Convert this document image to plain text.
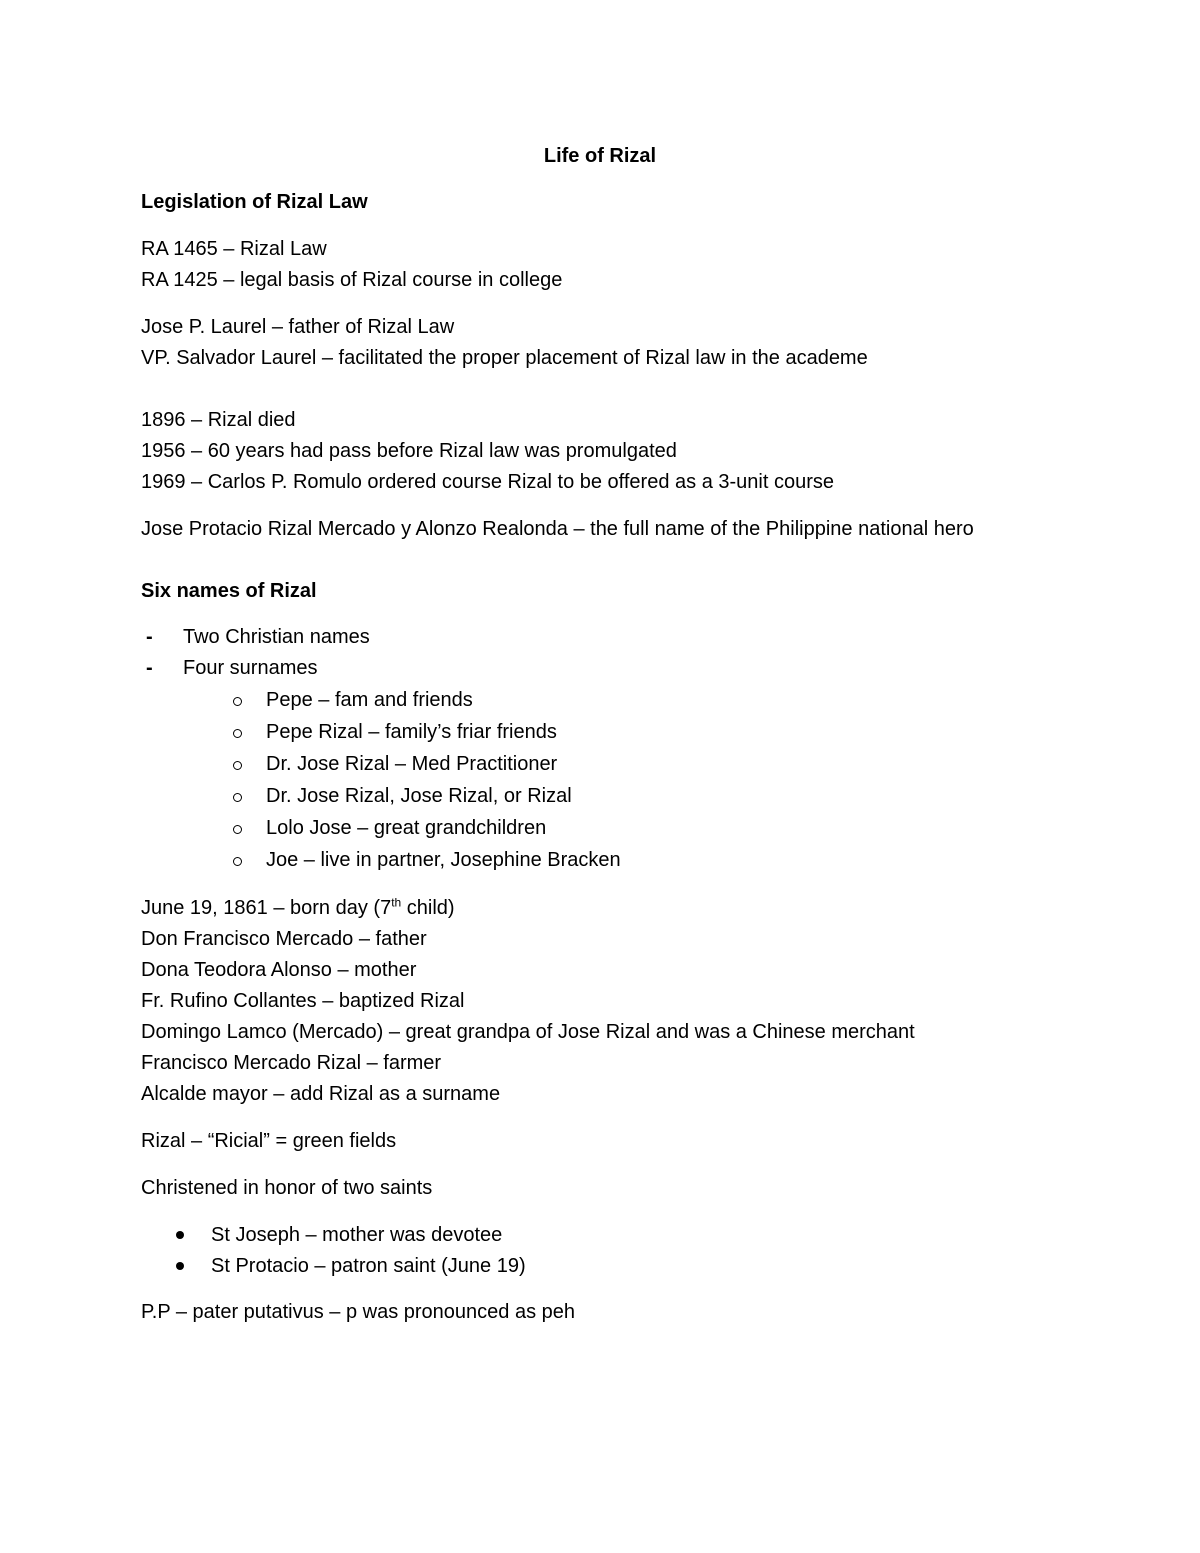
Life of Rizal
Legislation of Rizal Law
RA 1465 – Rizal Law
RA 1425 – legal basis of Rizal course in college
Jose P. Laurel – father of Rizal Law
VP. Salvador Laurel – facilitated the proper placement of Rizal law in the academe
1896 – Rizal died
1956 – 60 years had pass before Rizal law was promulgated
1969 – Carlos P. Romulo ordered course Rizal to be offered as a 3-unit course
Jose Protacio Rizal Mercado y Alonzo Realonda – the full name of the Philippine national hero
Six names of Rizal
- Two Christian names
- Four surnames
Pepe – fam and friends
Pepe Rizal – family’s friar friends
Dr. Jose Rizal – Med Practitioner
Dr. Jose Rizal, Jose Rizal, or Rizal
Lolo Jose – great grandchildren
Joe – live in partner, Josephine Bracken
June 19, 1861 – born day (7th child)
Don Francisco Mercado – father
Dona Teodora Alonso – mother
Fr. Rufino Collantes – baptized Rizal
Domingo Lamco (Mercado) – great grandpa of Jose Rizal and was a Chinese merchant
Francisco Mercado Rizal – farmer
Alcalde mayor – add Rizal as a surname
Rizal – “Ricial” = green fields
Christened in honor of two saints
St Joseph – mother was devotee
St Protacio – patron saint (June 19)
P.P – pater putativus – p was pronounced as peh
